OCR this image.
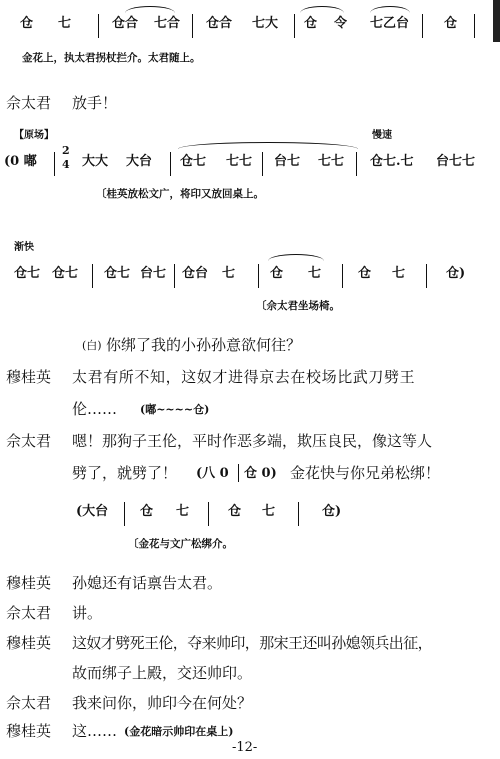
仓 七	仓合 七合 仓合 七大 仓 令 七乙台	仓
金花上，执太君拐杖拦介。太君随上。
佘太君 放手！
【原场】	慢速
(0 嘟
2
4 大大 大台 仓七 七七 台七 七七 仓七.七 台七七
〔桂英放松文广，将印又放回桌上。
渐快
仓七 仓七 仓七 台七 仓台 七	仓 七	仓 七	仓)
〔佘太君坐场椅。
(白) 你绑了我的小孙孙意欲何往？
穆桂英 太君有所不知，这奴才进得京去在校场比武刀劈王
伦…… (嘟~~~~仓)
佘太君 嗯！那狗子王伦，平时作恶多端，欺压良民，像这等人
劈了，就劈了！ (八 0 仓 0) 金花快与你兄弟松绑！
(大台 仓 七	仓 七	仓)
〔金花与文广松绑介。
穆桂英 孙媳还有话禀告太君。
佘太君 讲。
穆桂英 这奴才劈死王伦，夺来帅印，那宋王还叫孙媳领兵出征，
故而绑子上殿，交还帅印。
佘太君 我来问你，帅印今在何处？
穆桂英 这…… (金花暗示帅印在桌上)
-12-
